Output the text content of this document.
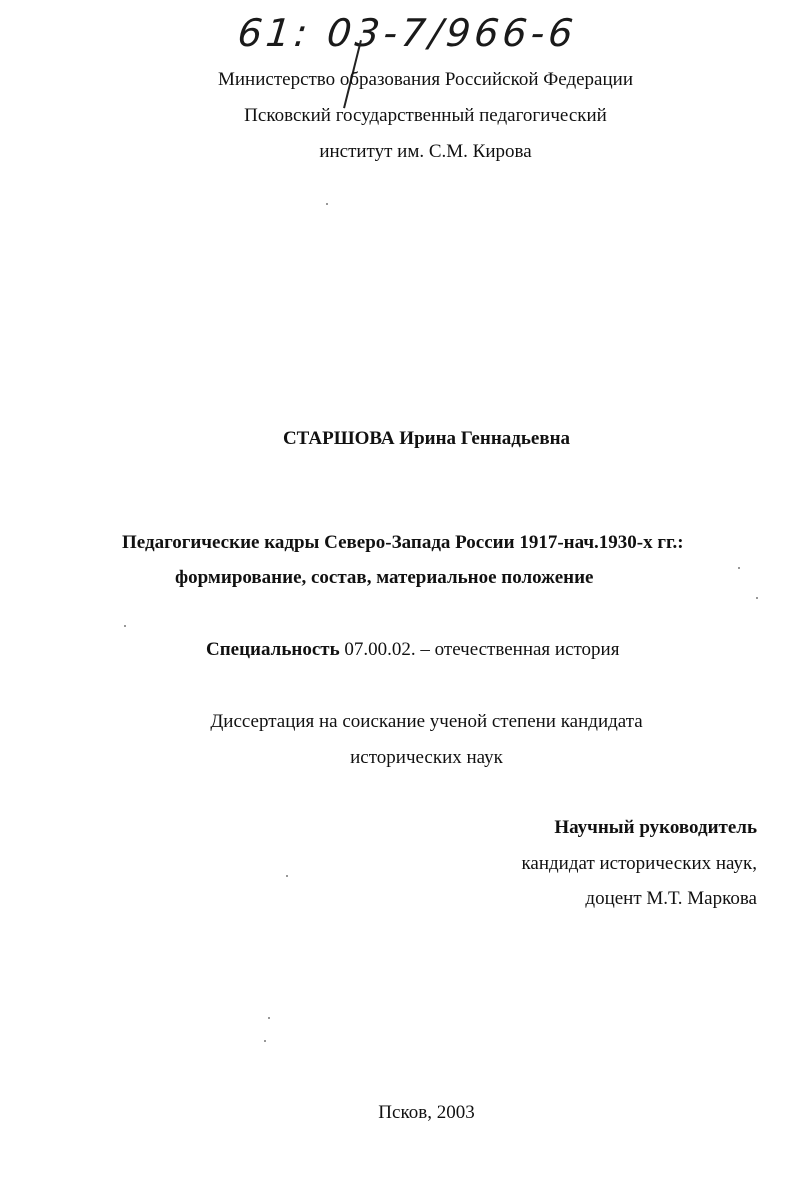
61: 03-7/966-6
Министерство образования Российской Федерации
Псковский государственный педагогический
институт им. С.М. Кирова
СТАРШОВА Ирина Геннадьевна
Педагогические кадры Северо-Запада России 1917-нач.1930-х гг.:
формирование, состав, материальное положение
Специальность 07.00.02. – отечественная история
Диссертация на соискание ученой степени кандидата
исторических наук
Научный руководитель
кандидат исторических наук,
доцент М.Т. Маркова
Псков, 2003
